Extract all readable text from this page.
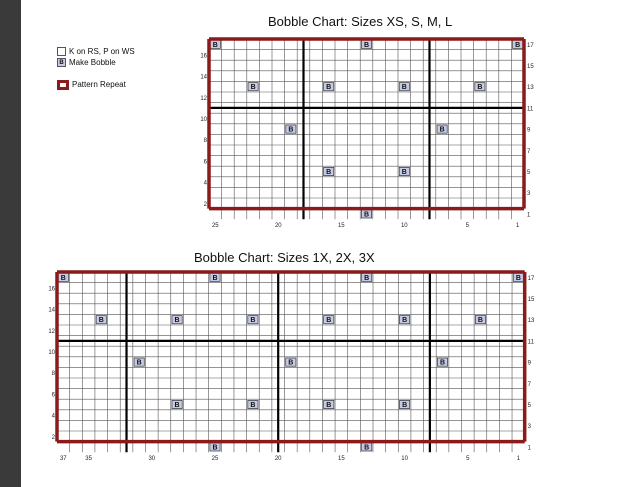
K on RS, P on WS
B Make Bobble
Pattern Repeat
Bobble Chart: Sizes XS, S, M, L
Bobble Chart: Sizes 1X, 2X, 3X
B
B
B
B
B
B
B
B
B
B
B
B
2
4
6
8
10
12
14
16
1
3
5
7
9
11
13
15
17
1
5
10
15
20
25
B
B
B
B
B
B
B
B
B
B
B
B
B
B
B
B
B
B
B
2
4
6
8
10
12
14
16
1
3
5
7
9
11
13
15
17
1
5
10
15
20
25
30
35
37
